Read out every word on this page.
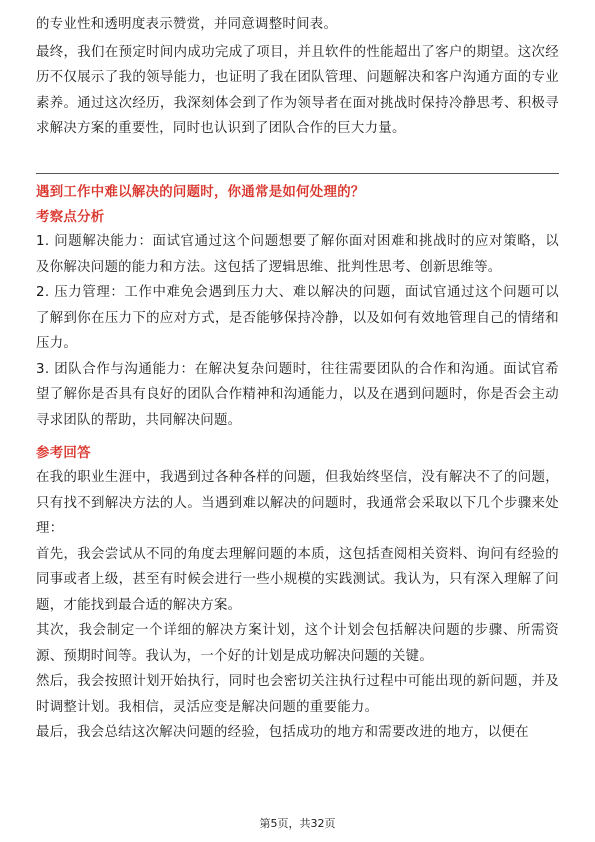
的专业性和透明度表示赞赏，并同意调整时间表。

最终，我们在预定时间内成功完成了项目，并且软件的性能超出了客户的期望。这次经历不仅展示了我的领导能力，也证明了我在团队管理、问题解决和客户沟通方面的专业素养。通过这次经历，我深刻体会到了作为领导者在面对挑战时保持冷静思考、积极寻求解决方案的重要性，同时也认识到了团队合作的巨大力量。

遇到工作中难以解决的问题时，你通常是如何处理的？
考察点分析

1. 问题解决能力：面试官通过这个问题想要了解你面对困难和挑战时的应对策略，以及你解决问题的能力和方法。这包括了逻辑思维、批判性思考、创新思维等。

2. 压力管理：工作中难免会遇到压力大、难以解决的问题，面试官通过这个问题可以了解到你在压力下的应对方式，是否能够保持冷静，以及如何有效地管理自己的情绪和压力。

3. 团队合作与沟通能力：在解决复杂问题时，往往需要团队的合作和沟通。面试官希望了解你是否具有良好的团队合作精神和沟通能力，以及在遇到问题时，你是否会主动寻求团队的帮助，共同解决问题。

参考回答

在我的职业生涯中，我遇到过各种各样的问题，但我始终坚信，没有解决不了的问题，只有找不到解决方法的人。当遇到难以解决的问题时，我通常会采取以下几个步骤来处理：

首先，我会尝试从不同的角度去理解问题的本质，这包括查阅相关资料、询问有经验的同事或者上级，甚至有时候会进行一些小规模的实践测试。我认为，只有深入理解了问题，才能找到最合适的解决方案。

其次，我会制定一个详细的解决方案计划，这个计划会包括解决问题的步骤、所需资源、预期时间等。我认为，一个好的计划是成功解决问题的关键。

然后，我会按照计划开始执行，同时也会密切关注执行过程中可能出现的新问题，并及时调整计划。我相信，灵活应变是解决问题的重要能力。

最后，我会总结这次解决问题的经验，包括成功的地方和需要改进的地方，以便在

第5页，共32页
